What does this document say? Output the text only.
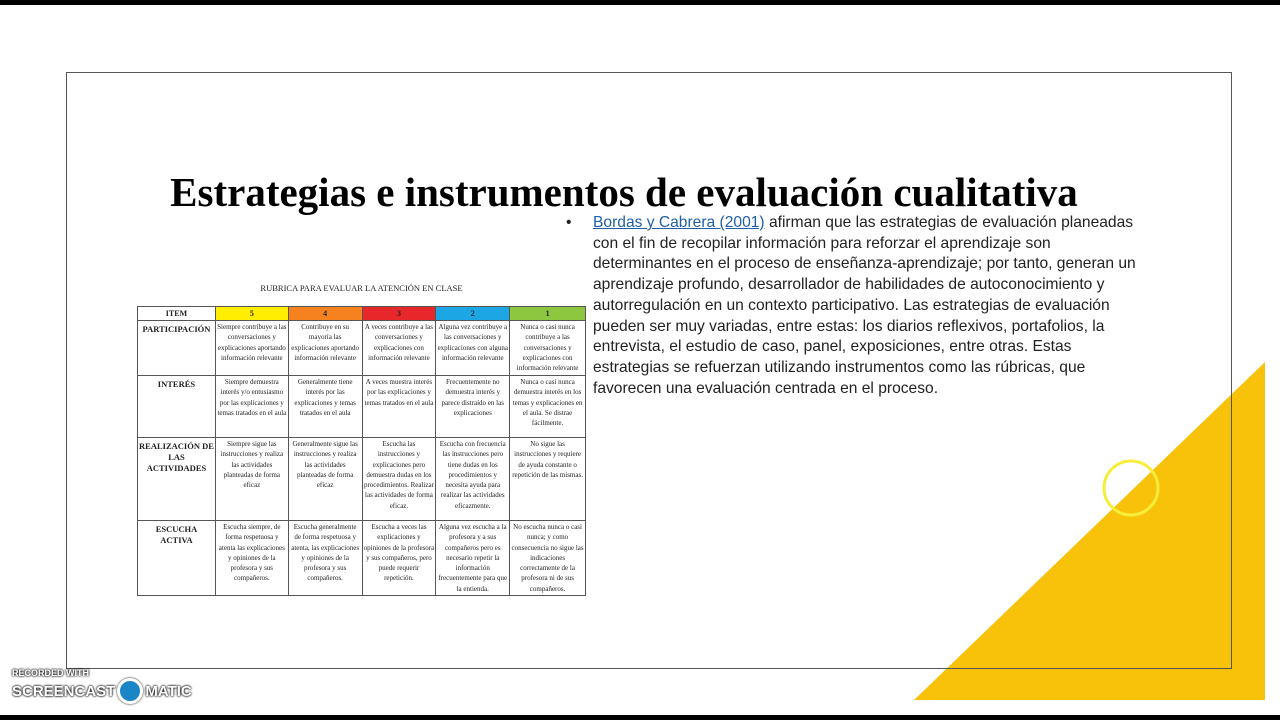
Estrategias e instrumentos de evaluación cualitativa
RUBRICA PARA EVALUAR LA ATENCIÓN EN CLASE
ITEM	5	4	3	2	1
PARTICIPACIÓN	Siempre contribuye a las conversaciones y explicaciones aportando información relevante	Contribuye en su mayoría las explicaciones aportando información relevante	A veces contribuye a las conversaciones y explicaciones con información relevante	Alguna vez contribuye a las conversaciones y explicaciones con alguna información relevante	Nunca o casi nunca contribuye a las conversaciones y explicaciones con información relevante
INTERÉS	Siempre demuestra interés y/o entusiasmo por las explicaciones y temas tratados en el aula	Generalmente tiene interés por las explicaciones y temas tratados en el aula	A veces muestra interés por las explicaciones y temas tratados en el aula	Frecuentemente no demuestra interés y parece distraído en las explicaciones	Nunca o casi nunca demuestra interés en los temas y explicaciones en el aula. Se distrae fácilmente.
REALIZACIÓN DE LAS ACTIVIDADES	Siempre sigue las instrucciones y realiza las actividades planteadas de forma eficaz	Generalmente sigue las instrucciones y realiza las actividades planteadas de forma eficaz	Escucha las instrucciones y explicaciones pero demuestra dudas en los procedimientos. Realizar las actividades de forma eficaz.	Escucha con frecuencia las instrucciones pero tiene dudas en los procedimientos y necesita ayuda para realizar las actividades eficazmente.	No sigue las instrucciones y requiere de ayuda constante o repetición de las mismas.
ESCUCHA ACTIVA	Escucha siempre, de forma respetuosa y atenta las explicaciones y opiniones de la profesora y sus compañeros.	Escucha generalmente de forma respetuosa y atenta, las explicaciones y opiniones de la profesora y sus compañeros.	Escucha a veces las explicaciones y opiniones de la profesora y sus compañeros, pero puede requerir repetición.	Alguna vez escucha a la profesora y a sus compañeros pero es necesario repetir la información frecuentemente para que la entienda.	No escucha nunca o casi nunca; y como consecuencia no sigue las indicaciones correctamente de la profesora ni de sus compañeros.
• Bordas y Cabrera (2001) afirman que las estrategias de evaluación planeadas con el fin de recopilar información para reforzar el aprendizaje son determinantes en el proceso de enseñanza-aprendizaje; por tanto, generan un aprendizaje profundo, desarrollador de habilidades de autoconocimiento y autorregulación en un contexto participativo. Las estrategias de evaluación pueden ser muy variadas, entre estas: los diarios reflexivos, portafolios, la entrevista, el estudio de caso, panel, exposiciones, entre otras. Estas estrategias se refuerzan utilizando instrumentos como las rúbricas, que favorecen una evaluación centrada en el proceso.

RECORDED WITH
SCREENCAST MATIC
